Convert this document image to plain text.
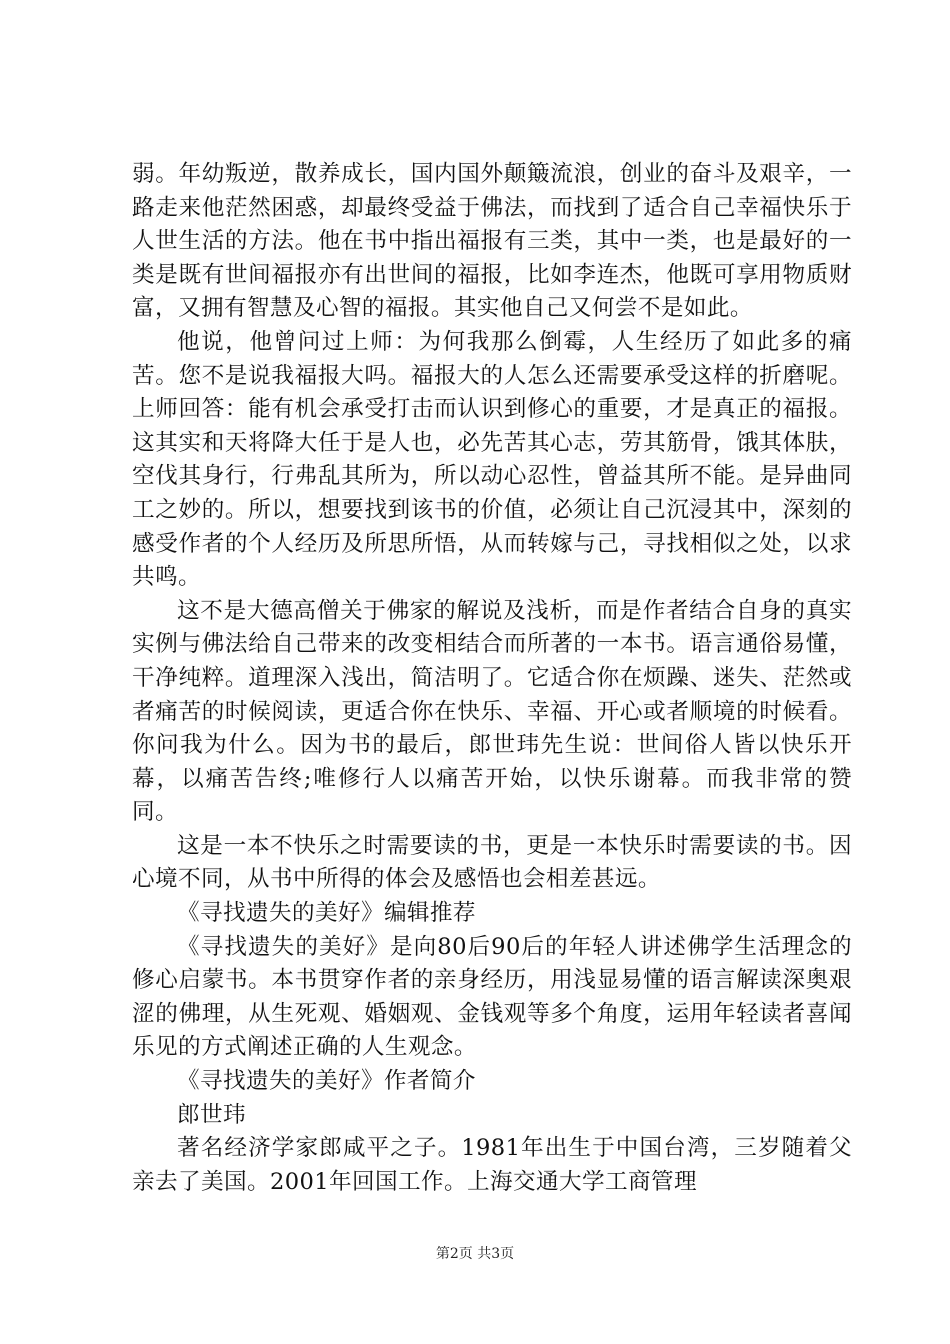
弱。年幼叛逆，散养成长，国内国外颠簸流浪，创业的奋斗及艰辛，一路走来他茫然困惑，却最终受益于佛法，而找到了适合自己幸福快乐于人世生活的方法。他在书中指出福报有三类，其中一类，也是最好的一类是既有世间福报亦有出世间的福报，比如李连杰，他既可享用物质财富，又拥有智慧及心智的福报。其实他自己又何尝不是如此。

他说，他曾问过上师：为何我那么倒霉，人生经历了如此多的痛苦。您不是说我福报大吗。福报大的人怎么还需要承受这样的折磨呢。上师回答：能有机会承受打击而认识到修心的重要，才是真正的福报。这其实和天将降大任于是人也，必先苦其心志，劳其筋骨，饿其体肤，空伐其身行，行弗乱其所为，所以动心忍性，曾益其所不能。是异曲同工之妙的。所以，想要找到该书的价值，必须让自己沉浸其中，深刻的感受作者的个人经历及所思所悟，从而转嫁与己，寻找相似之处，以求共鸣。

这不是大德高僧关于佛家的解说及浅析，而是作者结合自身的真实实例与佛法给自己带来的改变相结合而所著的一本书。语言通俗易懂，干净纯粹。道理深入浅出，简洁明了。它适合你在烦躁、迷失、茫然或者痛苦的时候阅读，更适合你在快乐、幸福、开心或者顺境的时候看。你问我为什么。因为书的最后，郎世玮先生说：世间俗人皆以快乐开幕，以痛苦告终;唯修行人以痛苦开始，以快乐谢幕。而我非常的赞同。

这是一本不快乐之时需要读的书，更是一本快乐时需要读的书。因心境不同，从书中所得的体会及感悟也会相差甚远。

《寻找遗失的美好》编辑推荐

《寻找遗失的美好》是向80后90后的年轻人讲述佛学生活理念的修心启蒙书。本书贯穿作者的亲身经历，用浅显易懂的语言解读深奥艰涩的佛理，从生死观、婚姻观、金钱观等多个角度，运用年轻读者喜闻乐见的方式阐述正确的人生观念。

《寻找遗失的美好》作者简介

郎世玮

著名经济学家郎咸平之子。1981年出生于中国台湾，三岁随着父亲去了美国。2001年回国工作。上海交通大学工商管理

第2页 共3页
